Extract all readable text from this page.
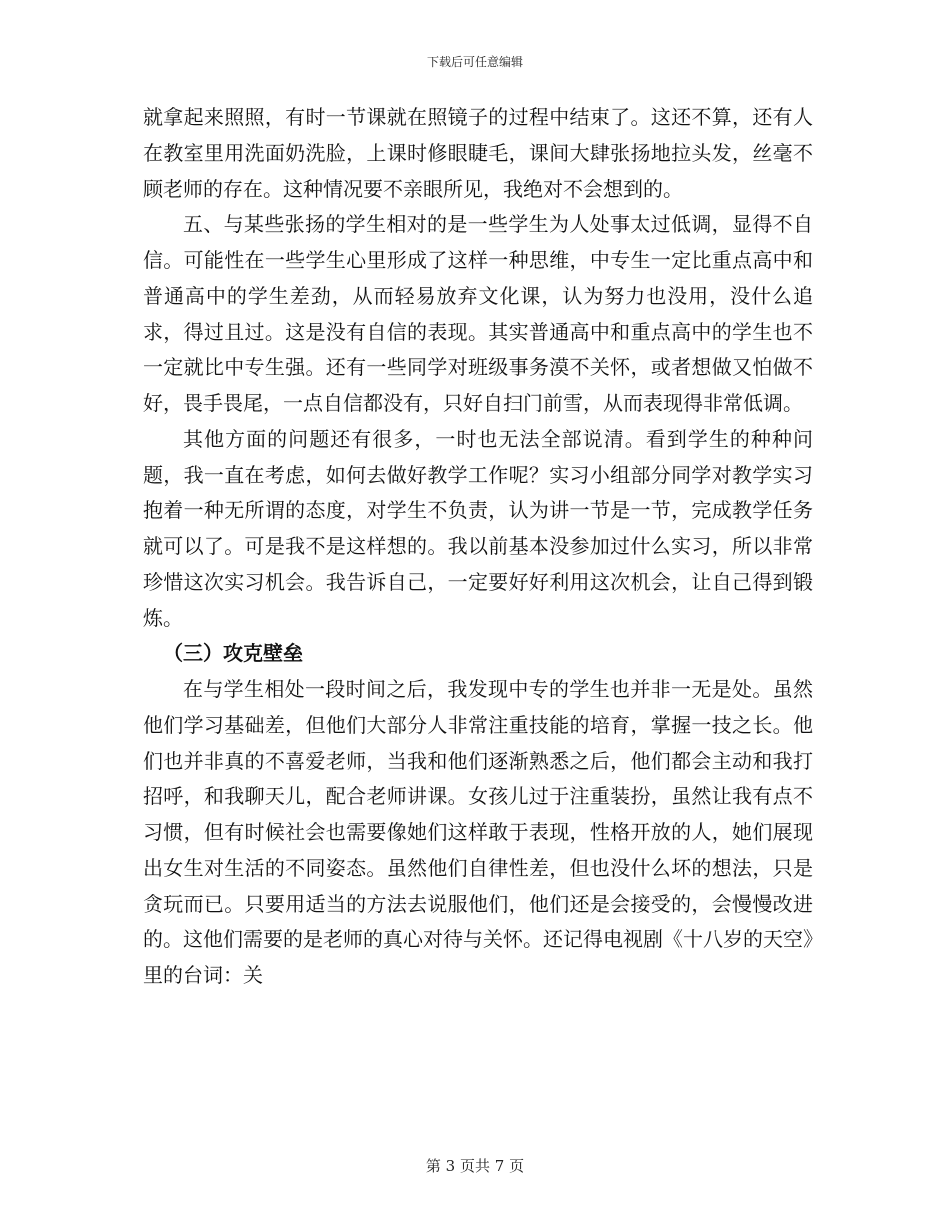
下载后可任意编辑

就拿起来照照，有时一节课就在照镜子的过程中结束了。这还不算，还有人在教室里用洗面奶洗脸，上课时修眼睫毛，课间大肆张扬地拉头发，丝毫不顾老师的存在。这种情况要不亲眼所见，我绝对不会想到的。

五、与某些张扬的学生相对的是一些学生为人处事太过低调，显得不自信。可能性在一些学生心里形成了这样一种思维，中专生一定比重点高中和普通高中的学生差劲，从而轻易放弃文化课，认为努力也没用，没什么追求，得过且过。这是没有自信的表现。其实普通高中和重点高中的学生也不一定就比中专生强。还有一些同学对班级事务漠不关怀，或者想做又怕做不好，畏手畏尾，一点自信都没有，只好自扫门前雪，从而表现得非常低调。

其他方面的问题还有很多，一时也无法全部说清。看到学生的种种问题，我一直在考虑，如何去做好教学工作呢？实习小组部分同学对教学实习抱着一种无所谓的态度，对学生不负责，认为讲一节是一节，完成教学任务就可以了。可是我不是这样想的。我以前基本没参加过什么实习，所以非常珍惜这次实习机会。我告诉自己，一定要好好利用这次机会，让自己得到锻炼。

（三）攻克壁垒

在与学生相处一段时间之后，我发现中专的学生也并非一无是处。虽然他们学习基础差，但他们大部分人非常注重技能的培育，掌握一技之长。他们也并非真的不喜爱老师，当我和他们逐渐熟悉之后，他们都会主动和我打招呼，和我聊天儿，配合老师讲课。女孩儿过于注重装扮，虽然让我有点不习惯，但有时候社会也需要像她们这样敢于表现，性格开放的人，她们展现出女生对生活的不同姿态。虽然他们自律性差，但也没什么坏的想法，只是贪玩而已。只要用适当的方法去说服他们，他们还是会接受的，会慢慢改进的。这他们需要的是老师的真心对待与关怀。还记得电视剧《十八岁的天空》里的台词：关

第 3 页共 7 页
